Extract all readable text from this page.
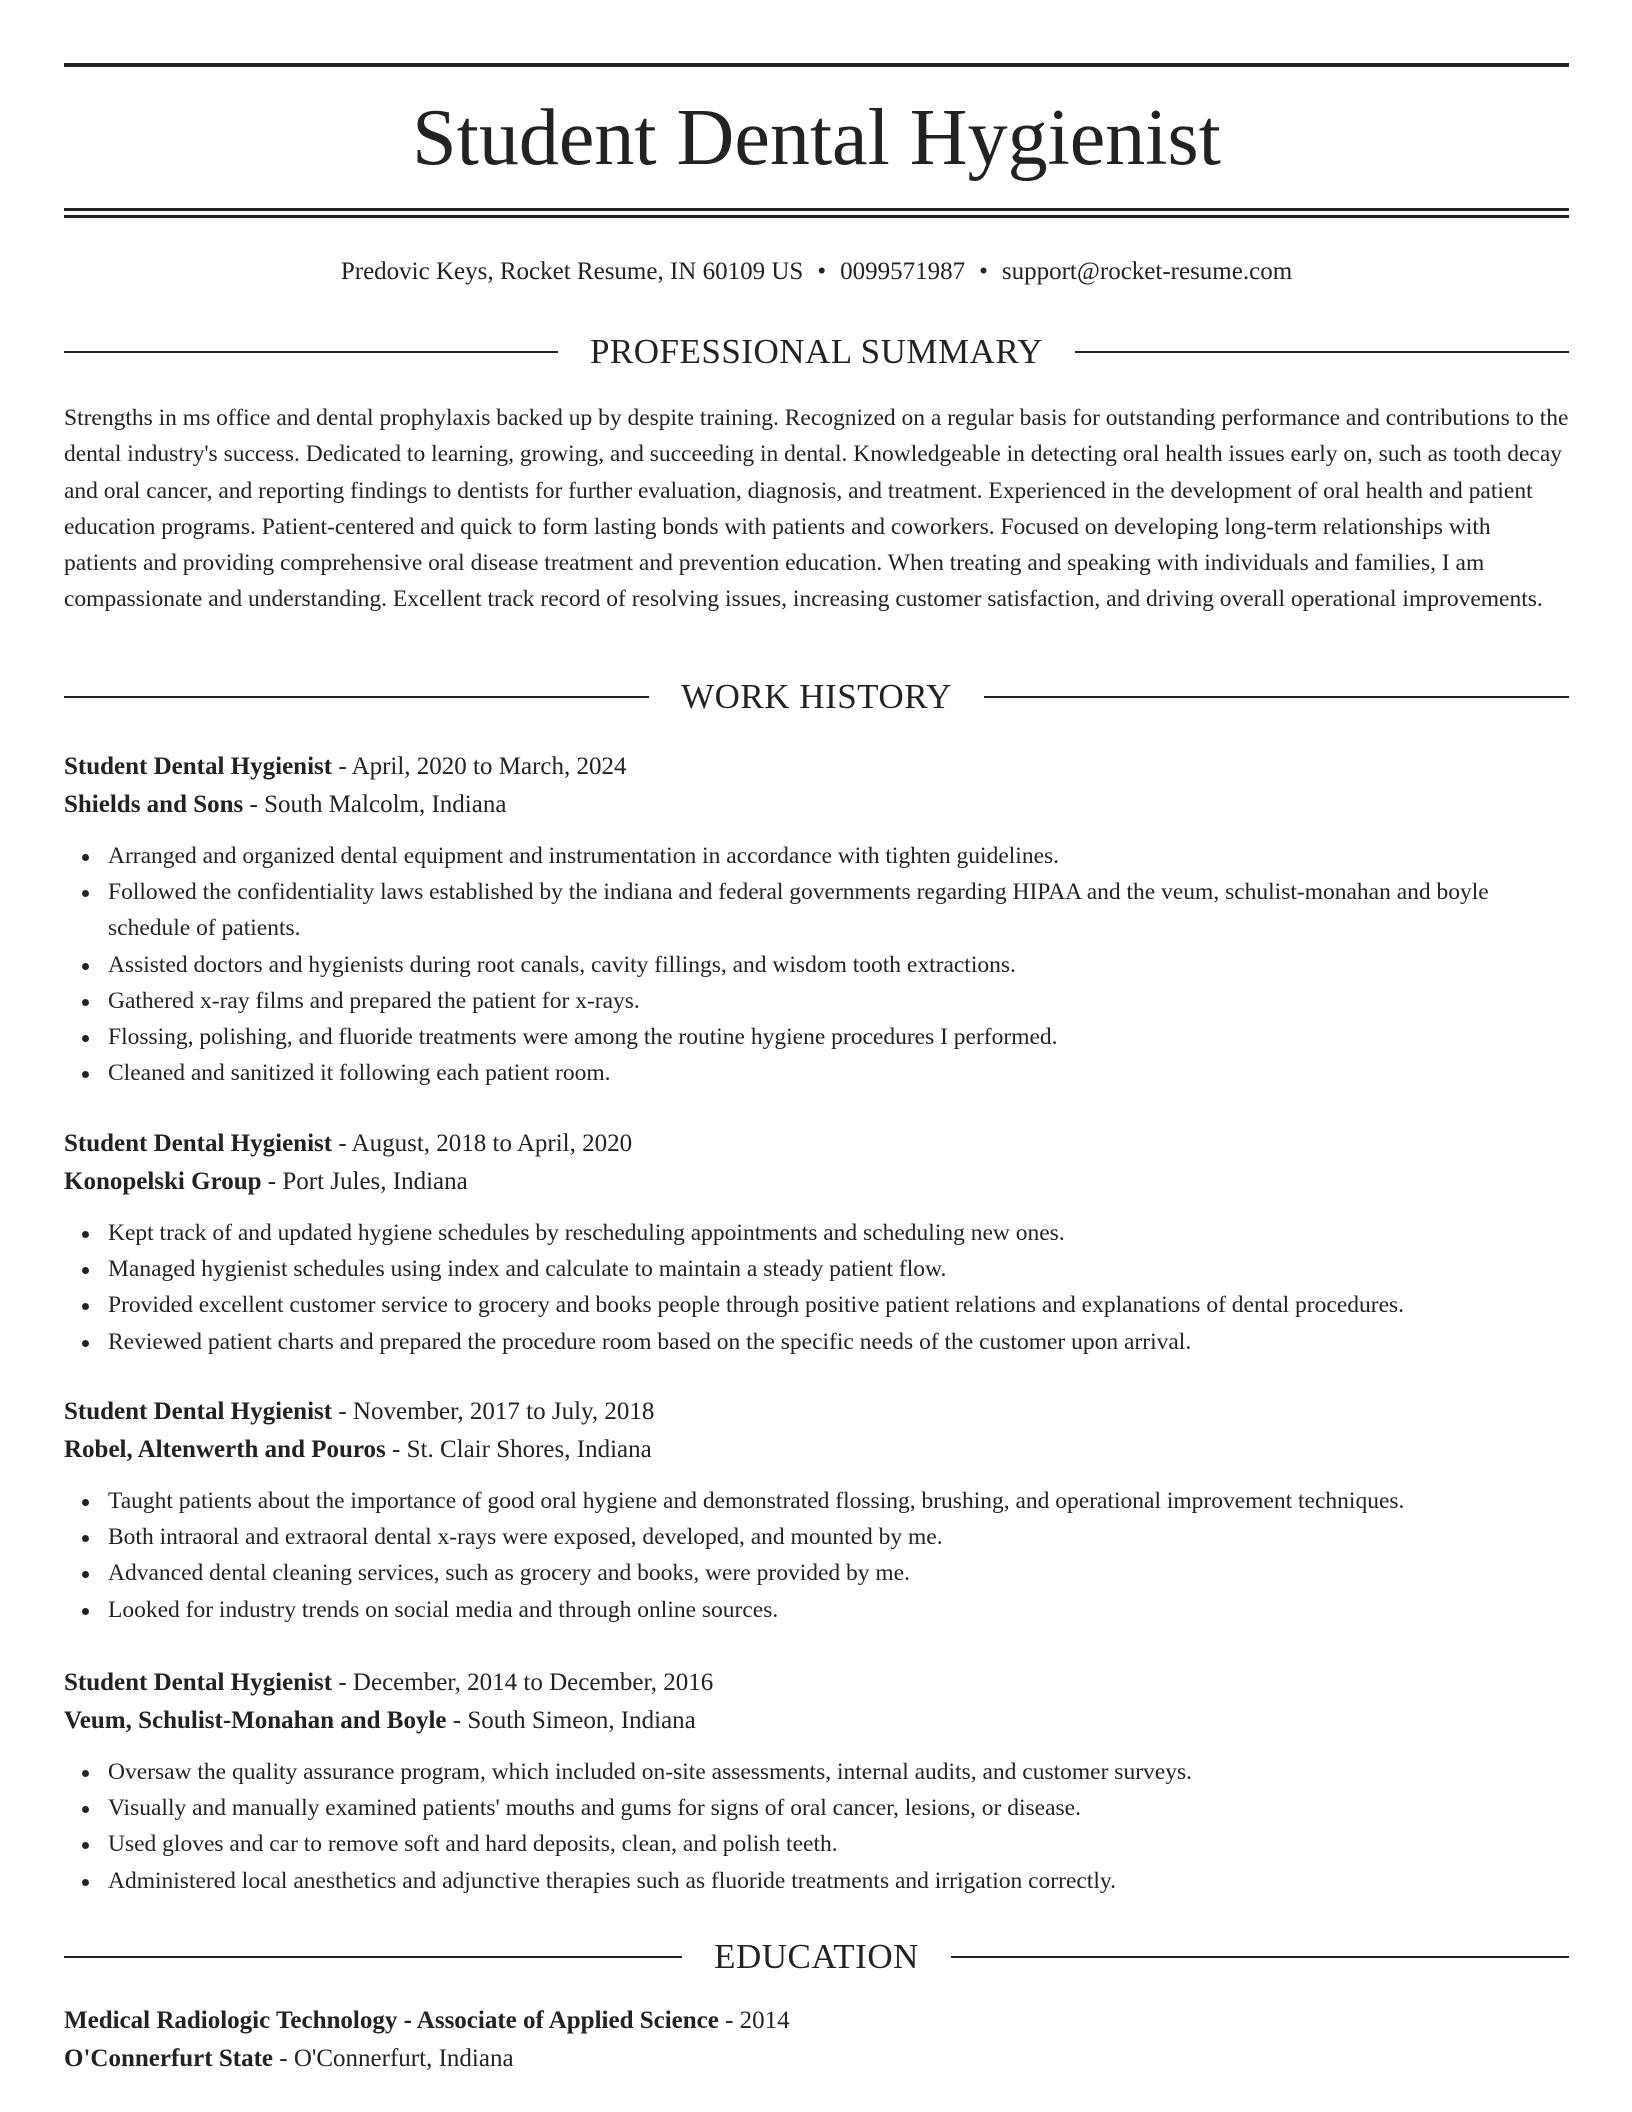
Student Dental Hygienist
Predovic Keys, Rocket Resume, IN 60109 US • 0099571987 • support@rocket-resume.com
PROFESSIONAL SUMMARY

Strengths in ms office and dental prophylaxis backed up by despite training. Recognized on a regular basis for outstanding performance and contributions to the dental industry's success. Dedicated to learning, growing, and succeeding in dental. Knowledgeable in detecting oral health issues early on, such as tooth decay and oral cancer, and reporting findings to dentists for further evaluation, diagnosis, and treatment. Experienced in the development of oral health and patient education programs. Patient-centered and quick to form lasting bonds with patients and coworkers. Focused on developing long-term relationships with patients and providing comprehensive oral disease treatment and prevention education. When treating and speaking with individuals and families, I am compassionate and understanding. Excellent track record of resolving issues, increasing customer satisfaction, and driving overall operational improvements.

WORK HISTORY
Student Dental Hygienist - April, 2020 to March, 2024
Shields and Sons - South Malcolm, Indiana
Arranged and organized dental equipment and instrumentation in accordance with tighten guidelines.
Followed the confidentiality laws established by the indiana and federal governments regarding HIPAA and the veum, schulist-monahan and boyle schedule of patients.
Assisted doctors and hygienists during root canals, cavity fillings, and wisdom tooth extractions.
Gathered x-ray films and prepared the patient for x-rays.
Flossing, polishing, and fluoride treatments were among the routine hygiene procedures I performed.
Cleaned and sanitized it following each patient room.
Student Dental Hygienist - August, 2018 to April, 2020
Konopelski Group - Port Jules, Indiana
Kept track of and updated hygiene schedules by rescheduling appointments and scheduling new ones.
Managed hygienist schedules using index and calculate to maintain a steady patient flow.
Provided excellent customer service to grocery and books people through positive patient relations and explanations of dental procedures.
Reviewed patient charts and prepared the procedure room based on the specific needs of the customer upon arrival.
Student Dental Hygienist - November, 2017 to July, 2018
Robel, Altenwerth and Pouros - St. Clair Shores, Indiana
Taught patients about the importance of good oral hygiene and demonstrated flossing, brushing, and operational improvement techniques.
Both intraoral and extraoral dental x-rays were exposed, developed, and mounted by me.
Advanced dental cleaning services, such as grocery and books, were provided by me.
Looked for industry trends on social media and through online sources.
Student Dental Hygienist - December, 2014 to December, 2016
Veum, Schulist-Monahan and Boyle - South Simeon, Indiana
Oversaw the quality assurance program, which included on-site assessments, internal audits, and customer surveys.
Visually and manually examined patients' mouths and gums for signs of oral cancer, lesions, or disease.
Used gloves and car to remove soft and hard deposits, clean, and polish teeth.
Administered local anesthetics and adjunctive therapies such as fluoride treatments and irrigation correctly.
EDUCATION
Medical Radiologic Technology - Associate of Applied Science - 2014
O'Connerfurt State - O'Connerfurt, Indiana
